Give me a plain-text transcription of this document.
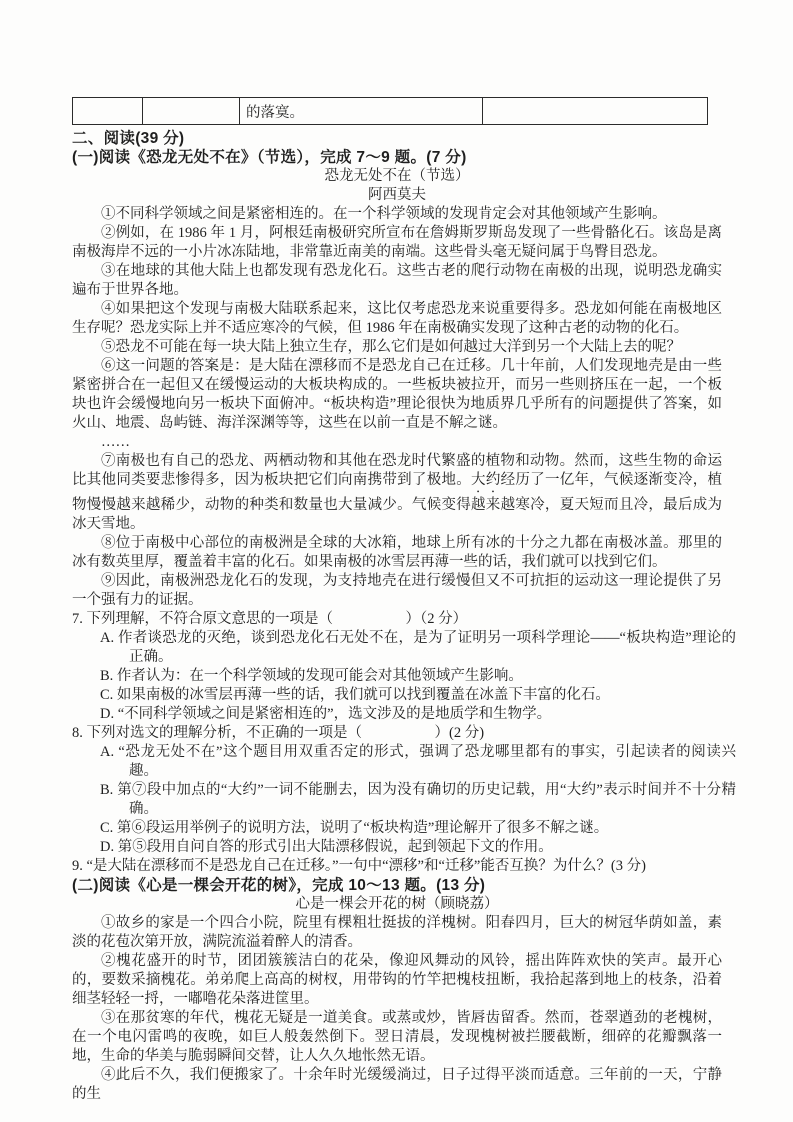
		的落寞。	
二、阅读(39 分)
(一)阅读《恐龙无处不在》（节选），完成 7～9 题。(7 分)
恐龙无处不在（节选）
阿西莫夫
①不同科学领域之间是紧密相连的。在一个科学领域的发现肯定会对其他领域产生影响。
②例如，在 1986 年 1 月，阿根廷南极研究所宣布在詹姆斯罗斯岛发现了一些骨骼化石。该岛是离南极海岸不远的一小片冰冻陆地，非常靠近南美的南端。这些骨头毫无疑问属于鸟臀目恐龙。
③在地球的其他大陆上也都发现有恐龙化石。这些古老的爬行动物在南极的出现，说明恐龙确实遍布于世界各地。
④如果把这个发现与南极大陆联系起来，这比仅考虑恐龙来说重要得多。恐龙如何能在南极地区生存呢？恐龙实际上并不适应寒冷的气候，但 1986 年在南极确实发现了这种古老的动物的化石。
⑤恐龙不可能在每一块大陆上独立生存，那么它们是如何越过大洋到另一个大陆上去的呢？
⑥这一问题的答案是：是大陆在漂移而不是恐龙自己在迁移。几十年前，人们发现地壳是由一些紧密拼合在一起但又在缓慢运动的大板块构成的。一些板块被拉开，而另一些则挤压在一起，一个板块也许会缓慢地向另一板块下面俯冲。“板块构造”理论很快为地质界几乎所有的问题提供了答案，如火山、地震、岛屿链、海洋深渊等等，这些在以前一直是不解之谜。
……
⑦南极也有自己的恐龙、两栖动物和其他在恐龙时代繁盛的植物和动物。然而，这些生物的命运比其他同类要悲惨得多，因为板块把它们向南携带到了极地。大约经历了一亿年，气候逐渐变冷，植物慢慢越来越稀少，动物的种类和数量也大量减少。气候变得越来越寒冷，夏天短而且冷，最后成为冰天雪地。
⑧位于南极中心部位的南极洲是全球的大冰箱，地球上所有冰的十分之九都在南极冰盖。那里的冰有数英里厚，覆盖着丰富的化石。如果南极的冰雪层再薄一些的话，我们就可以找到它们。
⑨因此，南极洲恐龙化石的发现，为支持地壳在进行缓慢但又不可抗拒的运动这一理论提供了另一个强有力的证据。
7. 下列理解，不符合原文意思的一项是（　　　　　）（2 分）
A. 作者谈恐龙的灭绝，谈到恐龙化石无处不在，是为了证明另一项科学理论——“板块构造”理论的正确。
B. 作者认为：在一个科学领域的发现可能会对其他领域产生影响。
C. 如果南极的冰雪层再薄一些的话，我们就可以找到覆盖在冰盖下丰富的化石。
D. “不同科学领域之间是紧密相连的”，选文涉及的是地质学和生物学。
8. 下列对选文的理解分析，不正确的一项是（　　　　　）(2 分)
A. “恐龙无处不在”这个题目用双重否定的形式，强调了恐龙哪里都有的事实，引起读者的阅读兴趣。
B. 第⑦段中加点的“大约”一词不能删去，因为没有确切的历史记载，用“大约”表示时间并不十分精确。
C. 第⑥段运用举例子的说明方法，说明了“板块构造”理论解开了很多不解之谜。
D. 第⑤段用自问自答的形式引出大陆漂移假说，起到领起下文的作用。
9. “是大陆在漂移而不是恐龙自己在迁移。”一句中“漂移”和“迁移”能否互换？为什么？(3 分)
(二)阅读《心是一棵会开花的树》，完成 10～13 题。(13 分)
心是一棵会开花的树（顾晓荔）
①故乡的家是一个四合小院，院里有棵粗壮挺拔的洋槐树。阳春四月，巨大的树冠华荫如盖，素淡的花苞次第开放，满院流溢着醉人的清香。
②槐花盛开的时节，团团簇簇洁白的花朵，像迎风舞动的风铃，摇出阵阵欢快的笑声。最开心的，要数采摘槐花。弟弟爬上高高的树杈，用带钩的竹竿把槐枝扭断，我拾起落到地上的枝条，沿着细茎轻轻一捋，一嘟噜花朵落进筐里。
③在那贫寒的年代，槐花无疑是一道美食。或蒸或炒，皆唇齿留香。然而，苍翠遒劲的老槐树，在一个电闪雷鸣的夜晚，如巨人般轰然倒下。翌日清晨，发现槐树被拦腰截断，细碎的花瓣飘落一地，生命的华美与脆弱瞬间交替，让人久久地怅然无语。
④此后不久，我们便搬家了。十余年时光缓缓淌过，日子过得平淡而适意。三年前的一天，宁静的生
